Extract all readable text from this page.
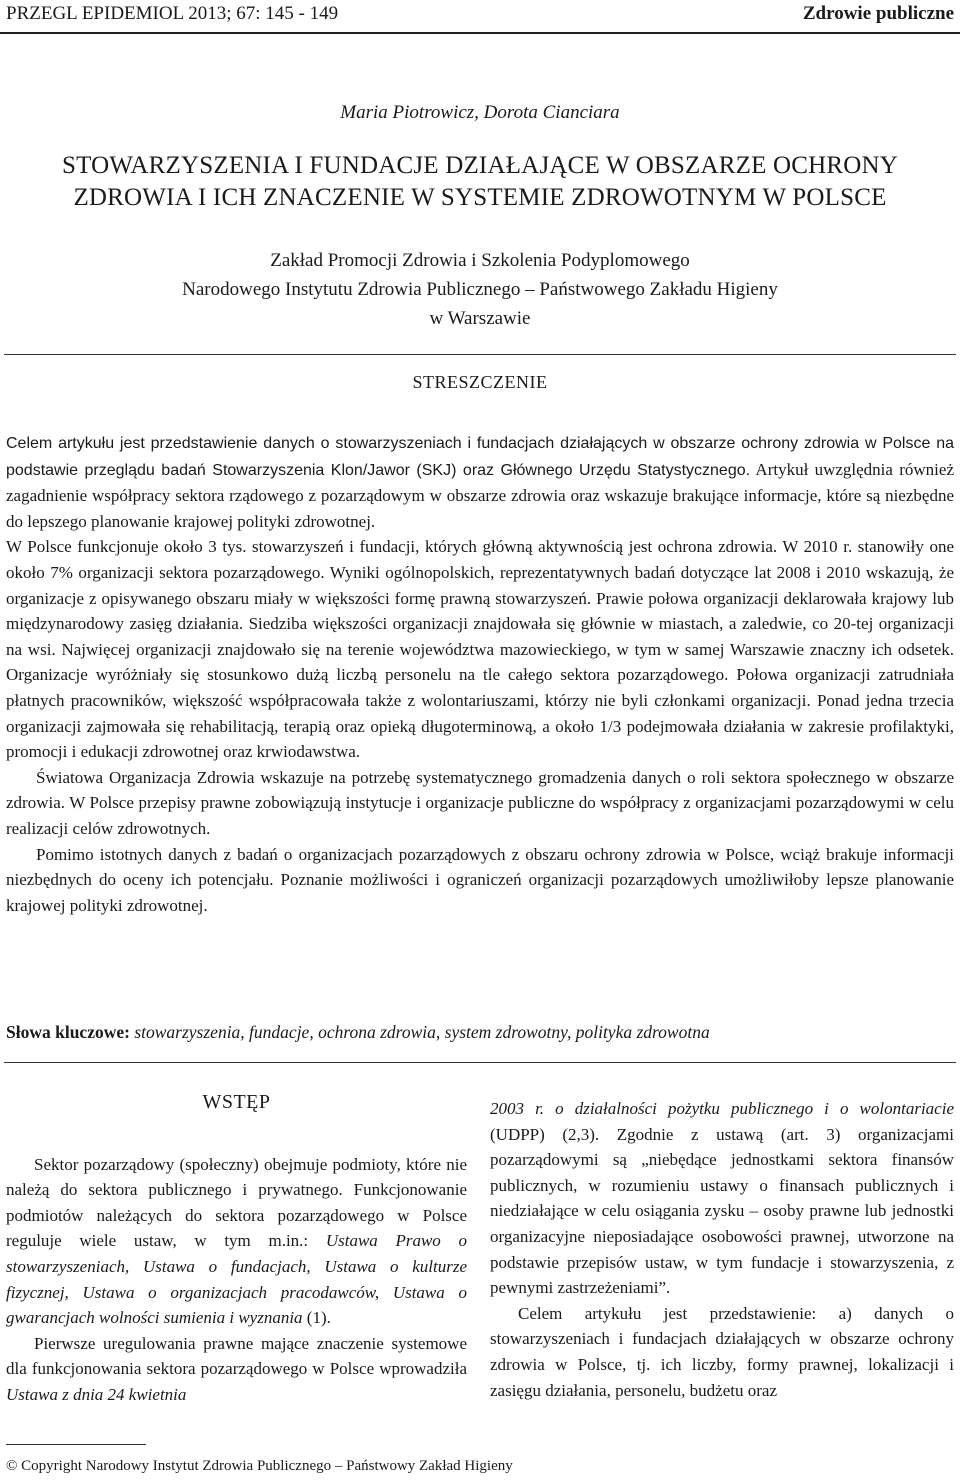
PRZEGL EPIDEMIOL 2013; 67: 145 - 149	Zdrowie publiczne
Maria Piotrowicz, Dorota Cianciara
STOWARZYSZENIA I FUNDACJE DZIAŁAJĄCE W OBSZARZE OCHRONY
ZDROWIA I ICH ZNACZENIE W SYSTEMIE ZDROWOTNYM W POLSCE
Zakład Promocji Zdrowia i Szkolenia Podyplomowego
Narodowego Instytutu Zdrowia Publicznego – Państwowego Zakładu Higieny
w Warszawie
STRESZCZENIE

Celem artykułu jest przedstawienie danych o stowarzyszeniach i fundacjach działających w obszarze ochrony zdrowia w Polsce na podstawie przeglądu badań Stowarzyszenia Klon/Jawor (SKJ) oraz Głównego Urzędu Statystycznego. Artykuł uwzględnia również zagadnienie współpracy sektora rządowego z pozarządowym w obszarze zdrowia oraz wskazuje brakujące informacje, które są niezbędne do lepszego planowanie krajowej polityki zdrowotnej.

W Polsce funkcjonuje około 3 tys. stowarzyszeń i fundacji, których główną aktywnością jest ochrona zdrowia. W 2010 r. stanowiły one około 7% organizacji sektora pozarządowego. Wyniki ogólnopolskich, reprezentatywnych badań dotyczące lat 2008 i 2010 wskazują, że organizacje z opisywanego obszaru miały w większości formę prawną stowarzyszeń. Prawie połowa organizacji deklarowała krajowy lub międzynarodowy zasięg działania. Siedziba większości organizacji znajdowała się głównie w miastach, a zaledwie, co 20-tej organizacji na wsi. Najwięcej organizacji znajdowało się na terenie województwa mazowieckiego, w tym w samej Warszawie znaczny ich odsetek. Organizacje wyróżniały się stosunkowo dużą liczbą personelu na tle całego sektora pozarządowego. Połowa organizacji zatrudniała płatnych pracowników, większość współpracowała także z wolontariuszami, którzy nie byli członkami organizacji. Ponad jedna trzecia organizacji zajmowała się rehabilitacją, terapią oraz opieką długoterminową, a około 1/3 podejmowała działania w zakresie profilaktyki, promocji i edukacji zdrowotnej oraz krwiodawstwa.

Światowa Organizacja Zdrowia wskazuje na potrzebę systematycznego gromadzenia danych o roli sektora społecznego w obszarze zdrowia. W Polsce przepisy prawne zobowiązują instytucje i organizacje publiczne do współpracy z organizacjami pozarządowymi w celu realizacji celów zdrowotnych.

Pomimo istotnych danych z badań o organizacjach pozarządowych z obszaru ochrony zdrowia w Polsce, wciąż brakuje informacji niezbędnych do oceny ich potencjału. Poznanie możliwości i ograniczeń organizacji pozarządowych umożliwiłoby lepsze planowanie krajowej polityki zdrowotnej.

Słowa kluczowe: stowarzyszenia, fundacje, ochrona zdrowia, system zdrowotny, polityka zdrowotna
WSTĘP

Sektor pozarządowy (społeczny) obejmuje podmioty, które nie należą do sektora publicznego i prywatnego. Funkcjonowanie podmiotów należących do sektora pozarządowego w Polsce reguluje wiele ustaw, w tym m.in.: Ustawa Prawo o stowarzyszeniach, Ustawa o fundacjach, Ustawa o kulturze fizycznej, Ustawa o organizacjach pracodawców, Ustawa o gwarancjach wolności sumienia i wyznania (1).

Pierwsze uregulowania prawne mające znaczenie systemowe dla funkcjonowania sektora pozarządowego w Polsce wprowadziła Ustawa z dnia 24 kwietnia

2003 r. o działalności pożytku publicznego i o wolontariacie (UDPP) (2,3). Zgodnie z ustawą (art. 3) organizacjami pozarządowymi są „niebędące jednostkami sektora finansów publicznych, w rozumieniu ustawy o finansach publicznych i niedziałające w celu osiągania zysku – osoby prawne lub jednostki organizacyjne nieposiadające osobowości prawnej, utworzone na podstawie przepisów ustaw, w tym fundacje i stowarzyszenia, z pewnymi zastrzeżeniami”.

Celem artykułu jest przedstawienie: a) danych o stowarzyszeniach i fundacjach działających w obszarze ochrony zdrowia w Polsce, tj. ich liczby, formy prawnej, lokalizacji i zasięgu działania, personelu, budżetu oraz

© Copyright Narodowy Instytut Zdrowia Publicznego – Państwowy Zakład Higieny
